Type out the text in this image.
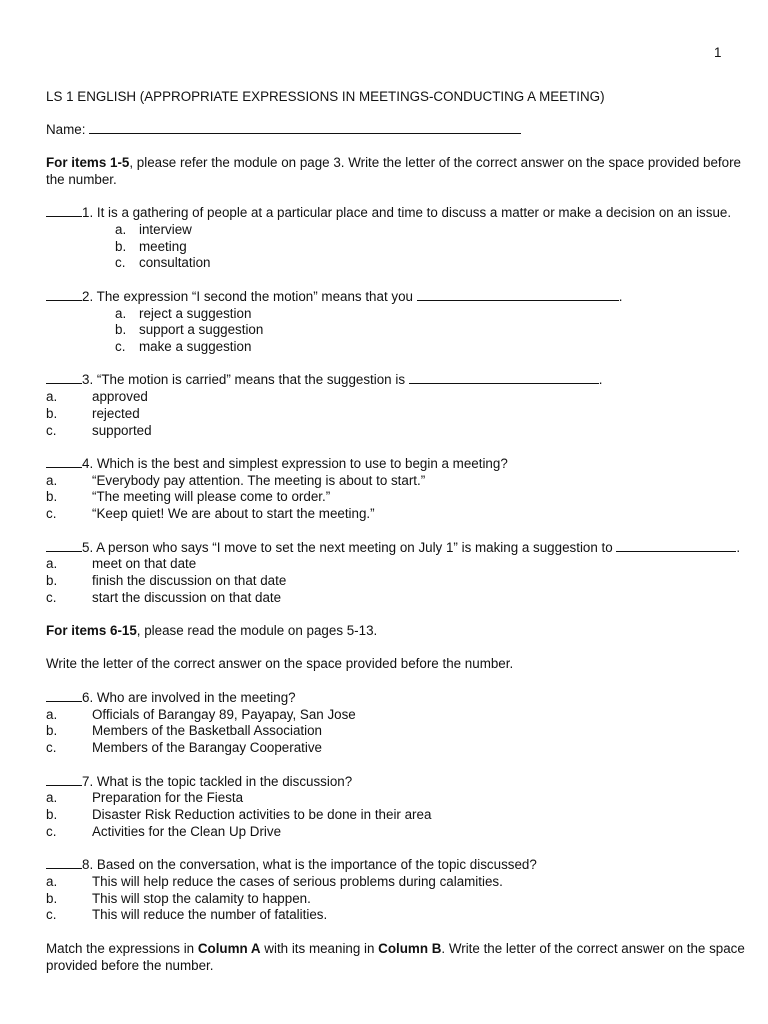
1
LS 1 ENGLISH (APPROPRIATE EXPRESSIONS IN MEETINGS-CONDUCTING A MEETING)
Name:
For items 1-5, please refer the module on page 3. Write the letter of the correct answer on the space provided before
the number.
1. It is a gathering of people at a particular place and time to discuss a matter or make a decision on an issue.
a. interview
b. meeting
c. consultation
2. The expression “I second the motion” means that you	.
a. reject a suggestion
b. support a suggestion
c. make a suggestion
3. “The motion is carried” means that the suggestion is	.
a.	approved
b.	rejected
c.	supported
4. Which is the best and simplest expression to use to begin a meeting?
a.	“Everybody pay attention. The meeting is about to start.”
b.	“The meeting will please come to order.”
c.	“Keep quiet! We are about to start the meeting.”
5. A person who says “I move to set the next meeting on July 1” is making a suggestion to	.
a.	meet on that date
b.	finish the discussion on that date
c.	start the discussion on that date
For items 6-15, please read the module on pages 5-13.
Write the letter of the correct answer on the space provided before the number.
6. Who are involved in the meeting?
a.	Officials of Barangay 89, Payapay, San Jose
b.	Members of the Basketball Association
c.	Members of the Barangay Cooperative
7. What is the topic tackled in the discussion?
a.	Preparation for the Fiesta
b.	Disaster Risk Reduction activities to be done in their area
c.	Activities for the Clean Up Drive
8. Based on the conversation, what is the importance of the topic discussed?
a.	This will help reduce the cases of serious problems during calamities.
b.	This will stop the calamity to happen.
c.	This will reduce the number of fatalities.
Match the expressions in Column A with its meaning in Column B. Write the letter of the correct answer on the space
provided before the number.
